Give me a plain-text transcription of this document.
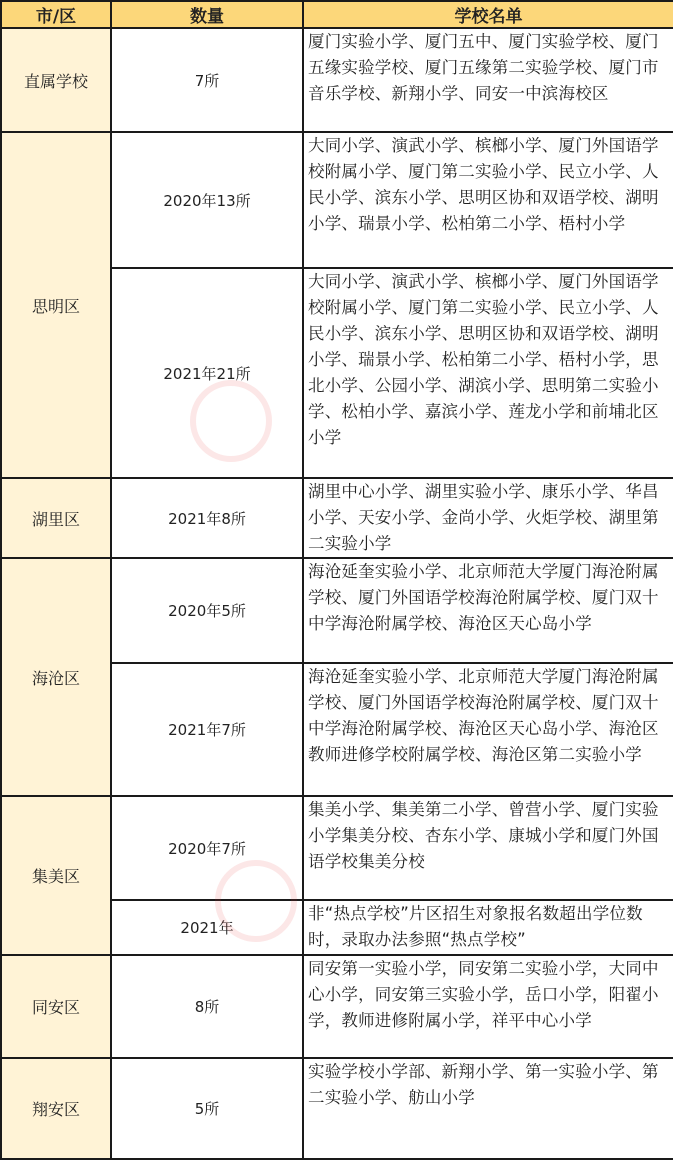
市/区	数量	学校名单
直属学校	7所	厦门实验小学、厦门五中、厦门实验学校、厦门五缘实验学校、厦门五缘第二实验学校、厦门市音乐学校、新翔小学、同安一中滨海校区
思明区	2020年13所	大同小学、演武小学、槟榔小学、厦门外国语学校附属小学、厦门第二实验小学、民立小学、人民小学、滨东小学、思明区协和双语学校、湖明小学、瑞景小学、松柏第二小学、梧村小学
	2021年21所	大同小学、演武小学、槟榔小学、厦门外国语学校附属小学、厦门第二实验小学、民立小学、人民小学、滨东小学、思明区协和双语学校、湖明小学、瑞景小学、松柏第二小学、梧村小学，思北小学、公园小学、湖滨小学、思明第二实验小学、松柏小学、嘉滨小学、莲龙小学和前埔北区小学
湖里区	2021年8所	湖里中心小学、湖里实验小学、康乐小学、华昌小学、天安小学、金尚小学、火炬学校、湖里第二实验小学
海沧区	2020年5所	海沧延奎实验小学、北京师范大学厦门海沧附属学校、厦门外国语学校海沧附属学校、厦门双十中学海沧附属学校、海沧区天心岛小学
	2021年7所	海沧延奎实验小学、北京师范大学厦门海沧附属学校、厦门外国语学校海沧附属学校、厦门双十中学海沧附属学校、海沧区天心岛小学、海沧区教师进修学校附属学校、海沧区第二实验小学
集美区	2020年7所	集美小学、集美第二小学、曾营小学、厦门实验小学集美分校、杏东小学、康城小学和厦门外国语学校集美分校
	2021年	非“热点学校”片区招生对象报名数超出学位数时，录取办法参照“热点学校”
同安区	8所	同安第一实验小学，同安第二实验小学，大同中心小学，同安第三实验小学，岳口小学，阳翟小学，教师进修附属小学，祥平中心小学
翔安区	5所	实验学校小学部、新翔小学、第一实验小学、第二实验小学、舫山小学
